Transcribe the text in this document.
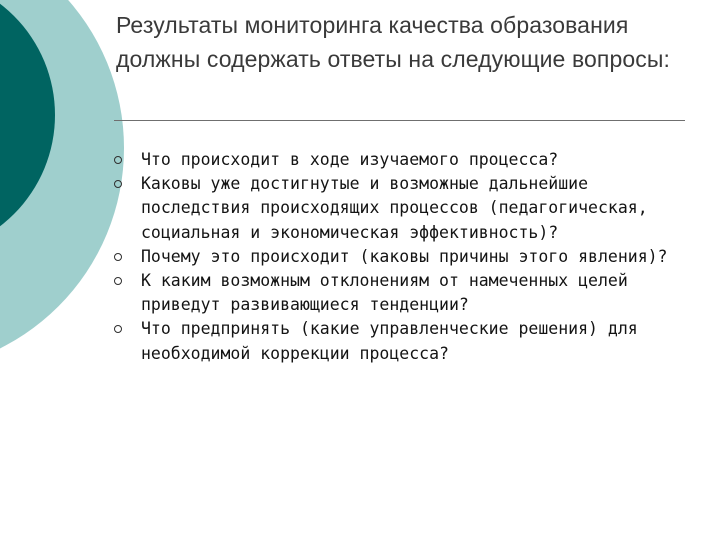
Результаты мониторинга качества образования должны содержать ответы на следующие вопросы:
Что происходит в ходе изучаемого процесса?
Каковы уже достигнутые и возможные дальнейшие последствия происходящих процессов (педагогическая, социальная и экономическая эффективность)?
Почему это происходит (каковы причины этого явления)?
К каким возможным отклонениям от намеченных целей приведут развивающиеся тенденции?
Что предпринять (какие управленческие решения) для необходимой коррекции процесса?
